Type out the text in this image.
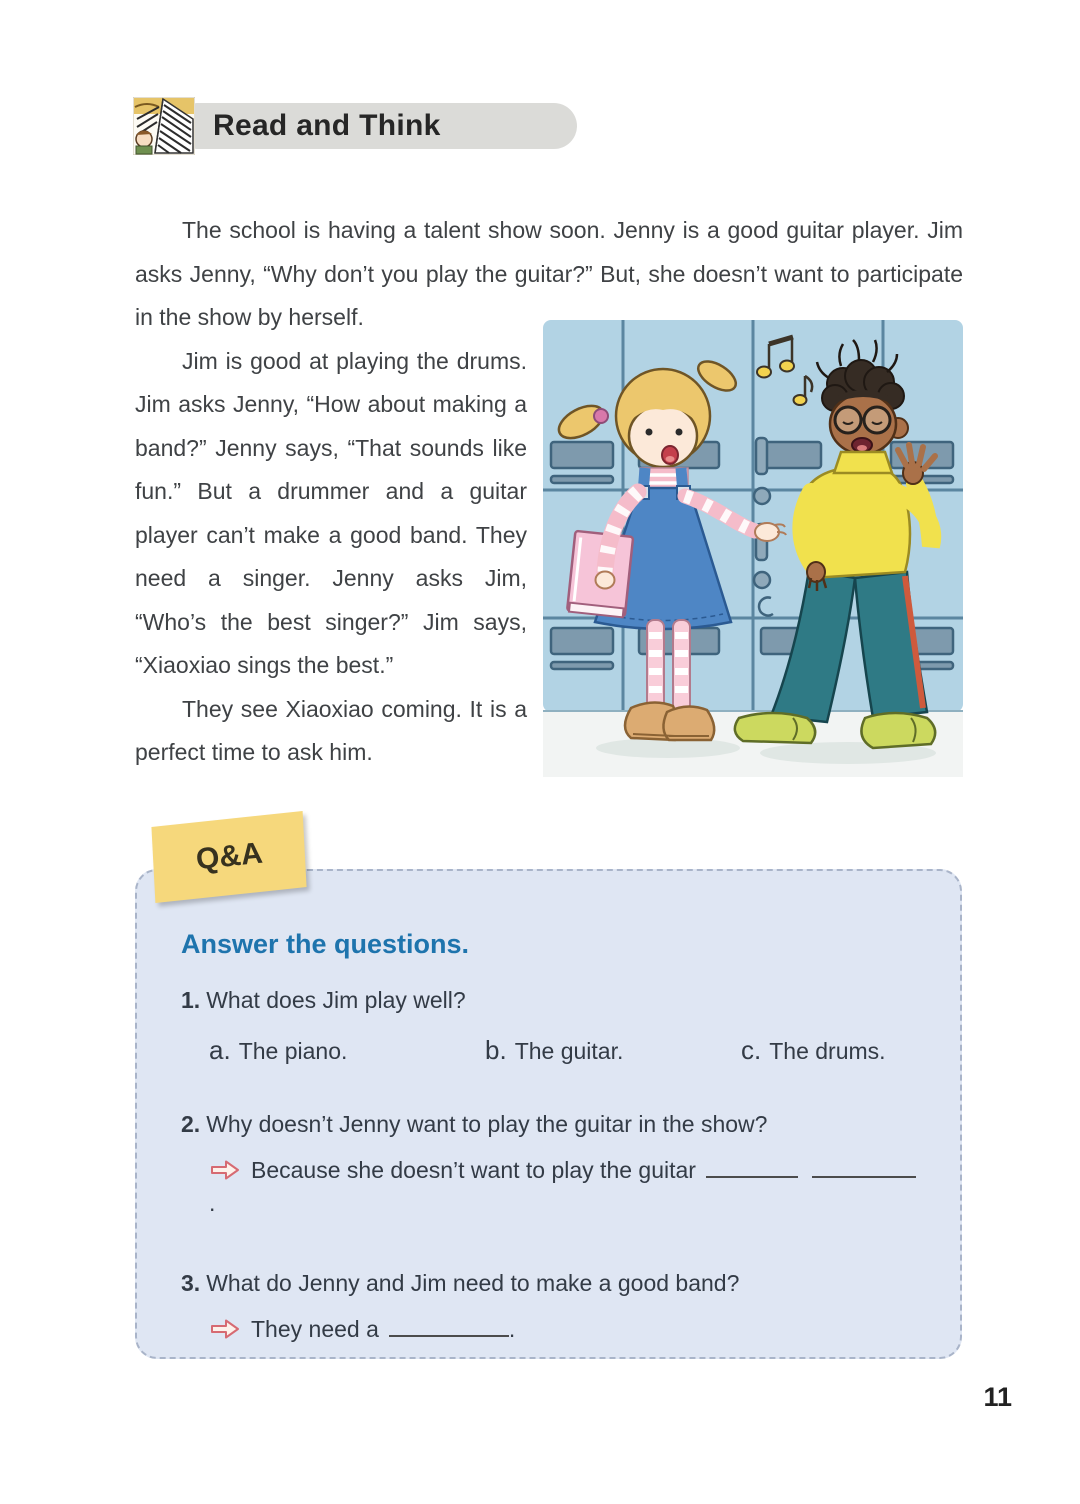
Read and Think

The school is having a talent show soon. Jenny is a good guitar player. Jim asks Jenny, “Why don’t you play the guitar?” But, she doesn’t want to participate in the show by herself.

Jim is good at playing the drums. Jim asks Jenny, “How about making a band?” Jenny says, “That sounds like fun.” But a drummer and a guitar player can’t make a good band. They need a singer. Jenny asks Jim, “Who’s the best singer?” Jim says, “Xiaoxiao sings the best.”

They see Xiaoxiao coming. It is a perfect time to ask him.

Q&A
Answer the questions.
1. What does Jim play well?
a. The piano.	b. The guitar.	c. The drums.
2. Why doesn’t Jenny want to play the guitar in the show?
Because she doesn’t want to play the guitar
.
3. What do Jenny and Jim need to make a good band?
They need a	.
11
